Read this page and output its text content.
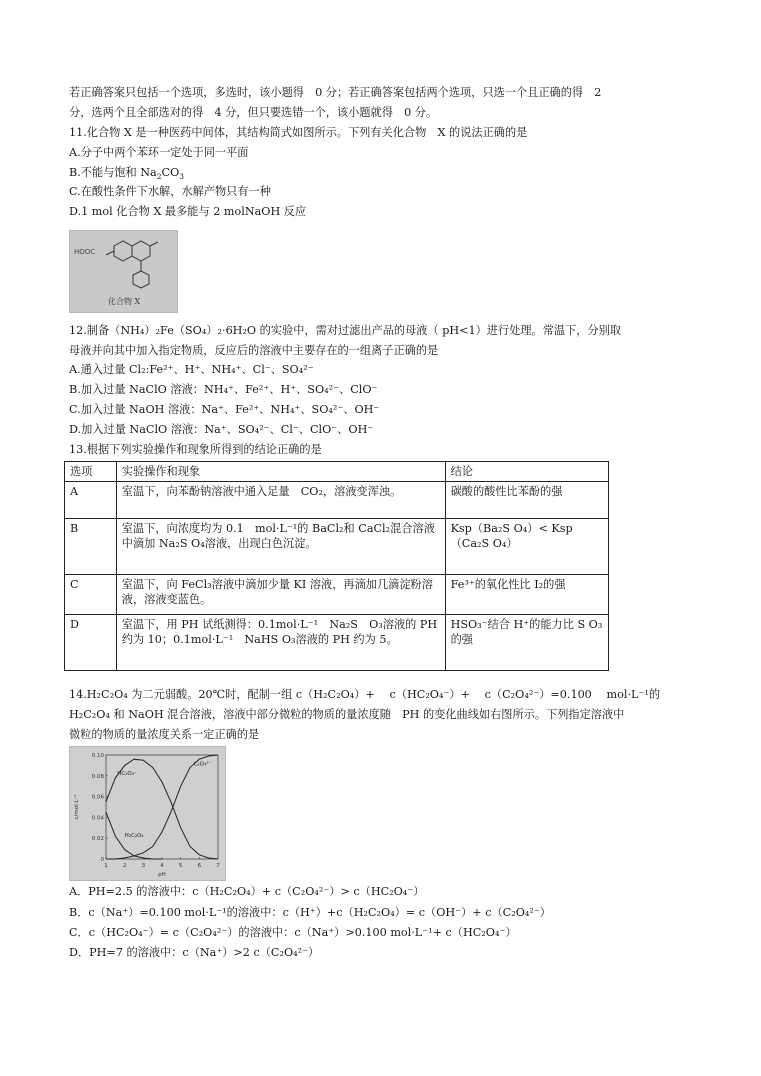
若正确答案只包括一个选项，多选时，该小题得　0 分；若正确答案包括两个选项，只选一个且正确的得　2
分，选两个且全部选对的得　4 分，但只要选错一个，该小题就得　0 分。
11.化合物 X 是一种医药中间体，其结构简式如图所示。下列有关化合物　X 的说法正确的是
A.分子中两个苯环一定处于同一平面
B.不能与饱和 $Na_2CO_3$
C.在酸性条件下水解，水解产物只有一种
D.1 mol 化合物 X 最多能与 2 molNaOH 反应
HOOC
化合物 X
12.制备（NH₄）₂Fe（SO₄）₂·6H₂O 的实验中，需对过滤出产品的母液（ pH<1）进行处理。常温下，分别取
母液并向其中加入指定物质，反应后的溶液中主要存在的一组离子正确的是
A.通入过量 Cl₂:Fe²⁺、H⁺、NH₄⁺、Cl⁻、SO₄²⁻
B.加入过量 NaClO 溶液：NH₄⁺、Fe²⁺、H⁺、SO₄²⁻、ClO⁻
C.加入过量 NaOH 溶液：Na⁺、Fe²⁺、NH₄⁺、SO₄²⁻、OH⁻
D.加入过量 NaClO 溶液：Na⁺、SO₄²⁻、Cl⁻、ClO⁻、OH⁻
13.根据下列实验操作和现象所得到的结论正确的是
选项	实验操作和现象	结论
A	室温下，向苯酚钠溶液中通入足量　CO₂，溶液变浑浊。	碳酸的酸性比苯酚的强
B	室温下，向浓度均为 0.1　mol·L⁻¹的 BaCl₂和 CaCl₂混合溶液中滴加 Na₂S O₄溶液，出现白色沉淀。	Ksp（Ba₂S O₄）< Ksp（Ca₂S O₄）
C	室温下，向 FeCl₃溶液中滴加少量 KI 溶液，再滴加几滴淀粉溶液，溶液变蓝色。	Fe³⁺的氧化性比 I₂的强
D	室温下，用 PH 试纸测得：0.1mol·L⁻¹　Na₂S　O₃溶液的 PH 约为 10；0.1mol·L⁻¹　NaHS O₃溶液的 PH 约为 5。	HSO₃⁻结合 H⁺的能力比 S O₃的强
14.H₂C₂O₄ 为二元弱酸。20℃时，配制一组 c（H₂C₂O₄）+　 c（HC₂O₄⁻）+　 c（C₂O₄²⁻）=0.100　 mol·L⁻¹的
H₂C₂O₄ 和 NaOH 混合溶液，溶液中部分微粒的物质的量浓度随　PH 的变化曲线如右图所示。下列指定溶液中
微粒的物质的量浓度关系一定正确的是
1	2	3	4	5	6	7
0
0.02
0.04
0.06
0.08
0.10
pH
c/mol·L⁻¹
HC₂O₄⁻
C₂O₄²⁻
H₂C₂O₄
A．PH=2.5 的溶液中：c（H₂C₂O₄）+ c（C₂O₄²⁻）> c（HC₂O₄⁻）
B．c（Na⁺）=0.100 mol·L⁻¹的溶液中：c（H⁺）+c（H₂C₂O₄）= c（OH⁻）+ c（C₂O₄²⁻）
C．c（HC₂O₄⁻）= c（C₂O₄²⁻）的溶液中：c（Na⁺）>0.100 mol·L⁻¹+ c（HC₂O₄⁻）
D．PH=7 的溶液中：c（Na⁺）>2 c（C₂O₄²⁻）
